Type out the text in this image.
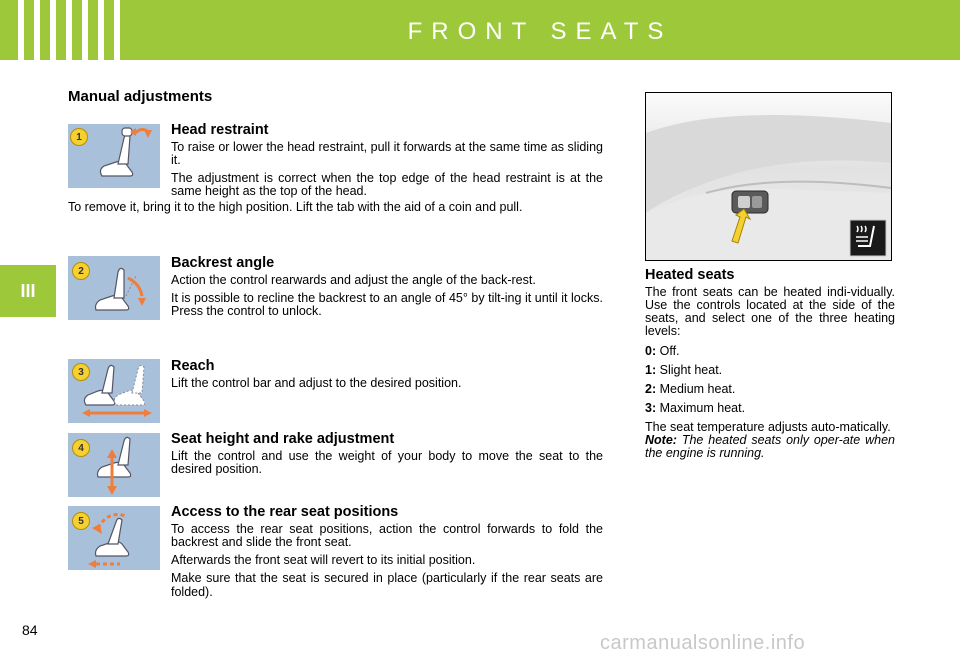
FRONT SEATS
III
Manual adjustments
1	Head restraint

To raise or lower the head restraint, pull it forwards at the same time as sliding it.

The adjustment is correct when the top edge of the head restraint is at the same height as the top of the head.

To remove it, bring it to the high position. Lift the tab with the aid of a coin and pull.

2	Backrest angle

Action the control rearwards and adjust the angle of the back-rest.

It is possible to recline the backrest to an angle of 45° by tilt-ing it until it locks. Press the control to unlock.

3	Reach

Lift the control bar and adjust to the desired position.

4
Seat height and rake adjustment

Lift the control and use the weight of your body to move the seat to the desired position.

5
Access to the rear seat positions

To access the rear seat positions, action the control forwards to fold the backrest and slide the front seat.

Afterwards the front seat will revert to its initial position.

Make sure that the seat is secured in place (particularly if the rear seats are folded).

Heated seats

The front seats can be heated indi-vidually. Use the controls located at the side of the seats, and select one of the three heating levels:

0: Off.

1: Slight heat.

2: Medium heat.

3: Maximum heat.

The seat temperature adjusts auto-matically.

Note: The heated seats only oper-ate when the engine is running.

84
carmanualsonline.info
